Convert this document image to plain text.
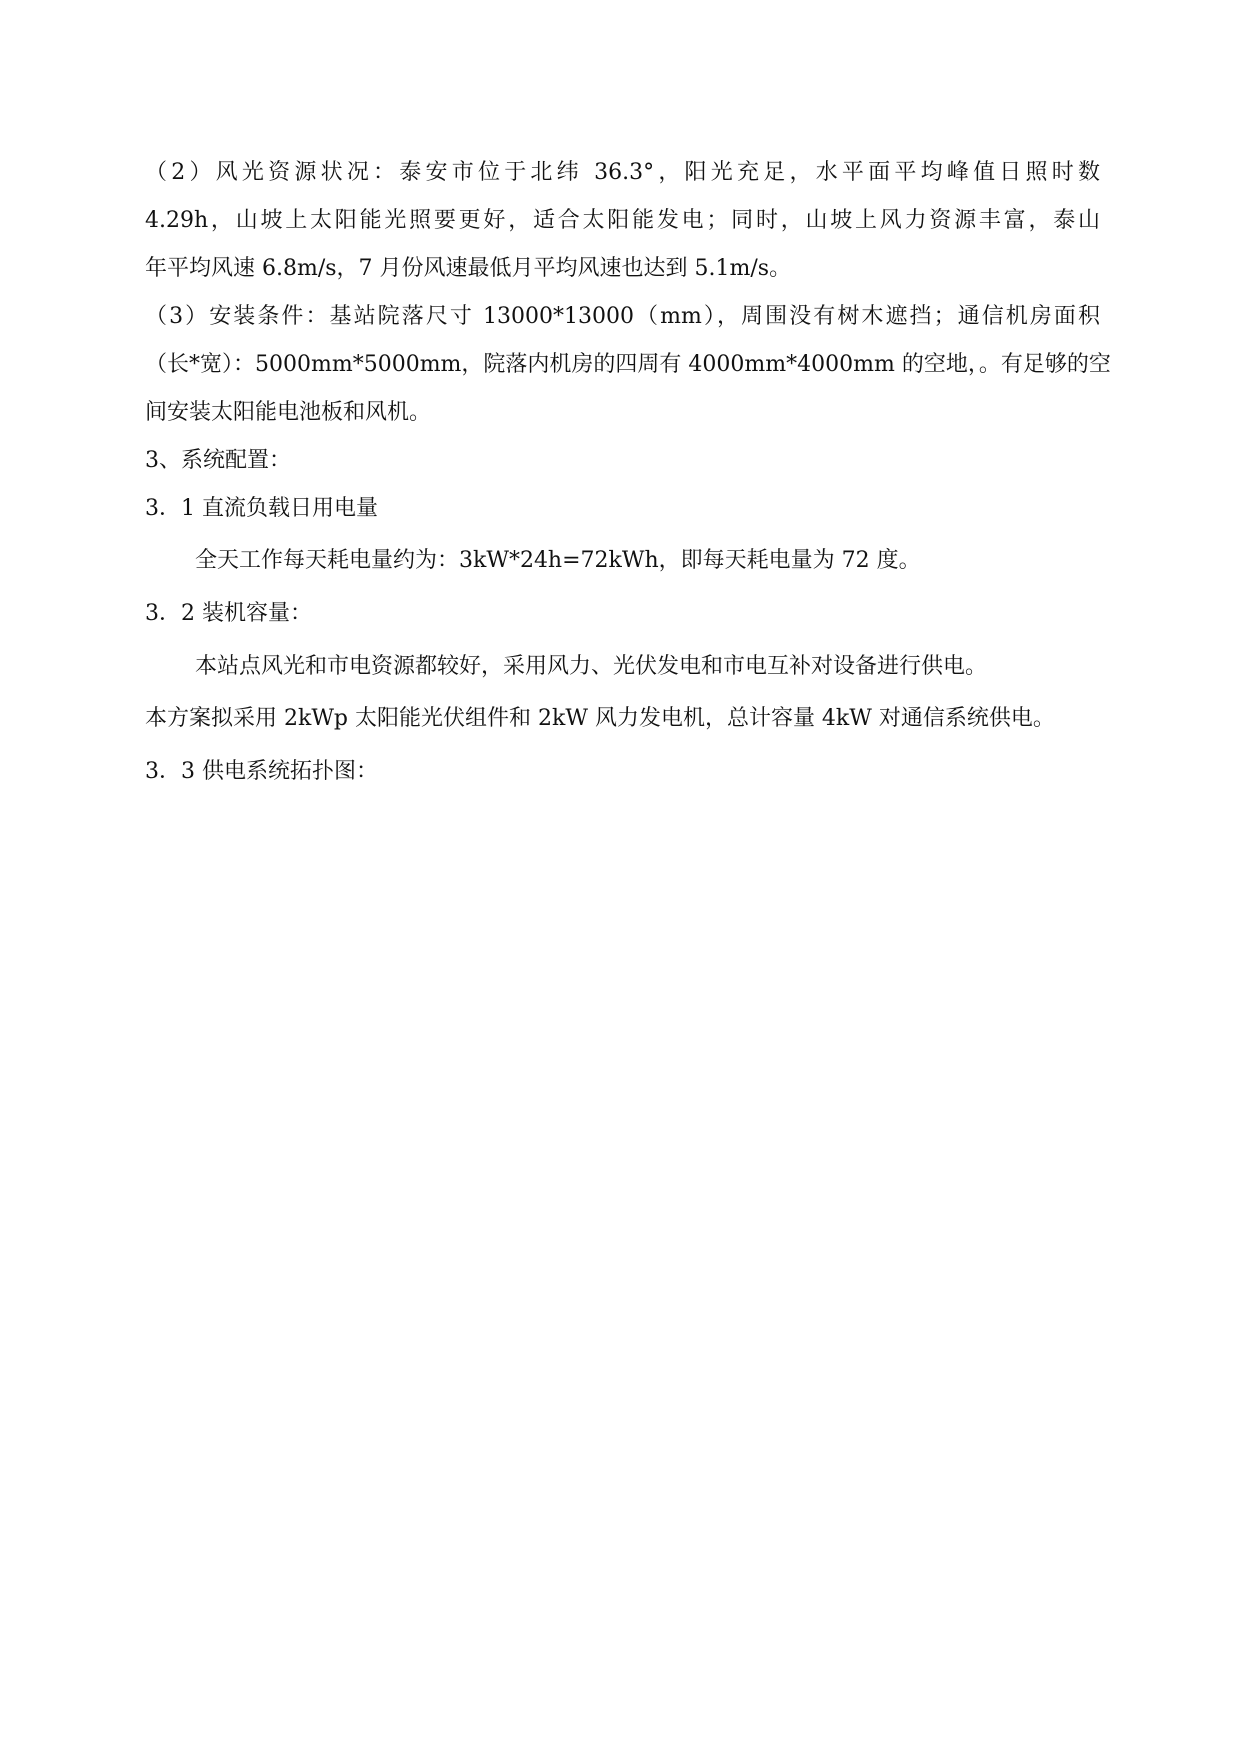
（2）风光资源状况：泰安市位于北纬 36.3°，阳光充足，水平面平均峰值日照时数
4.29h，山坡上太阳能光照要更好，适合太阳能发电；同时，山坡上风力资源丰富，泰山
年平均风速 6.8m/s，7 月份风速最低月平均风速也达到 5.1m/s。
（3）安装条件：基站院落尺寸 13000*13000（mm），周围没有树木遮挡；通信机房面积
（长*宽）：5000mm*5000mm，院落内机房的四周有 4000mm*4000mm 的空地，。有足够的空
间安装太阳能电池板和风机。
3、系统配置：
3．1 直流负载日用电量
全天工作每天耗电量约为：3kW*24h=72kWh，即每天耗电量为 72 度。
3．2 装机容量：
本站点风光和市电资源都较好，采用风力、光伏发电和市电互补对设备进行供电。
本方案拟采用 2kWp 太阳能光伏组件和 2kW 风力发电机，总计容量 4kW 对通信系统供电。
3．3 供电系统拓扑图：
